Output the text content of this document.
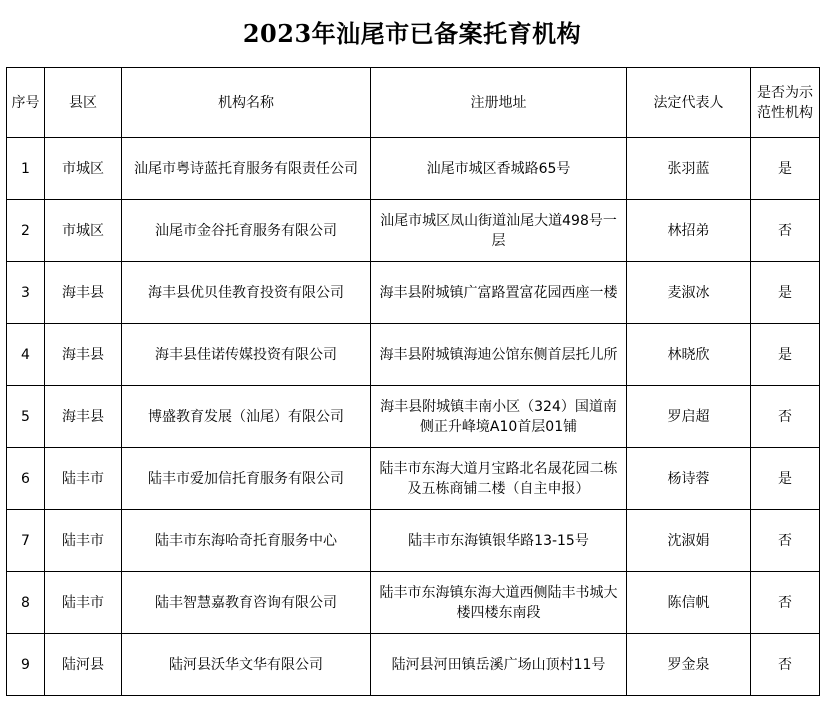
2023年汕尾市已备案托育机构
序号	县区	机构名称	注册地址	法定代表人	是否为示范性机构
1	市城区	汕尾市粤诗蓝托育服务有限责任公司	汕尾市城区香城路65号	张羽蓝	是
2	市城区	汕尾市金谷托育服务有限公司	汕尾市城区凤山街道汕尾大道498号一层	林招弟	否
3	海丰县	海丰县优贝佳教育投资有限公司	海丰县附城镇广富路置富花园西座一楼	麦淑冰	是
4	海丰县	海丰县佳诺传媒投资有限公司	海丰县附城镇海迪公馆东侧首层托儿所	林晓欣	是
5	海丰县	博盛教育发展（汕尾）有限公司	海丰县附城镇丰南小区（324）国道南侧正升峰境A10首层01铺	罗启超	否
6	陆丰市	陆丰市爱加信托育服务有限公司	陆丰市东海大道月宝路北名晟花园二栋及五栋商铺二楼（自主申报）	杨诗蓉	是
7	陆丰市	陆丰市东海哈奇托育服务中心	陆丰市东海镇银华路13-15号	沈淑娟	否
8	陆丰市	陆丰智慧嘉教育咨询有限公司	陆丰市东海镇东海大道西侧陆丰书城大楼四楼东南段	陈信帆	否
9	陆河县	陆河县沃华文华有限公司	陆河县河田镇岳溪广场山顶村11号	罗金泉	否
